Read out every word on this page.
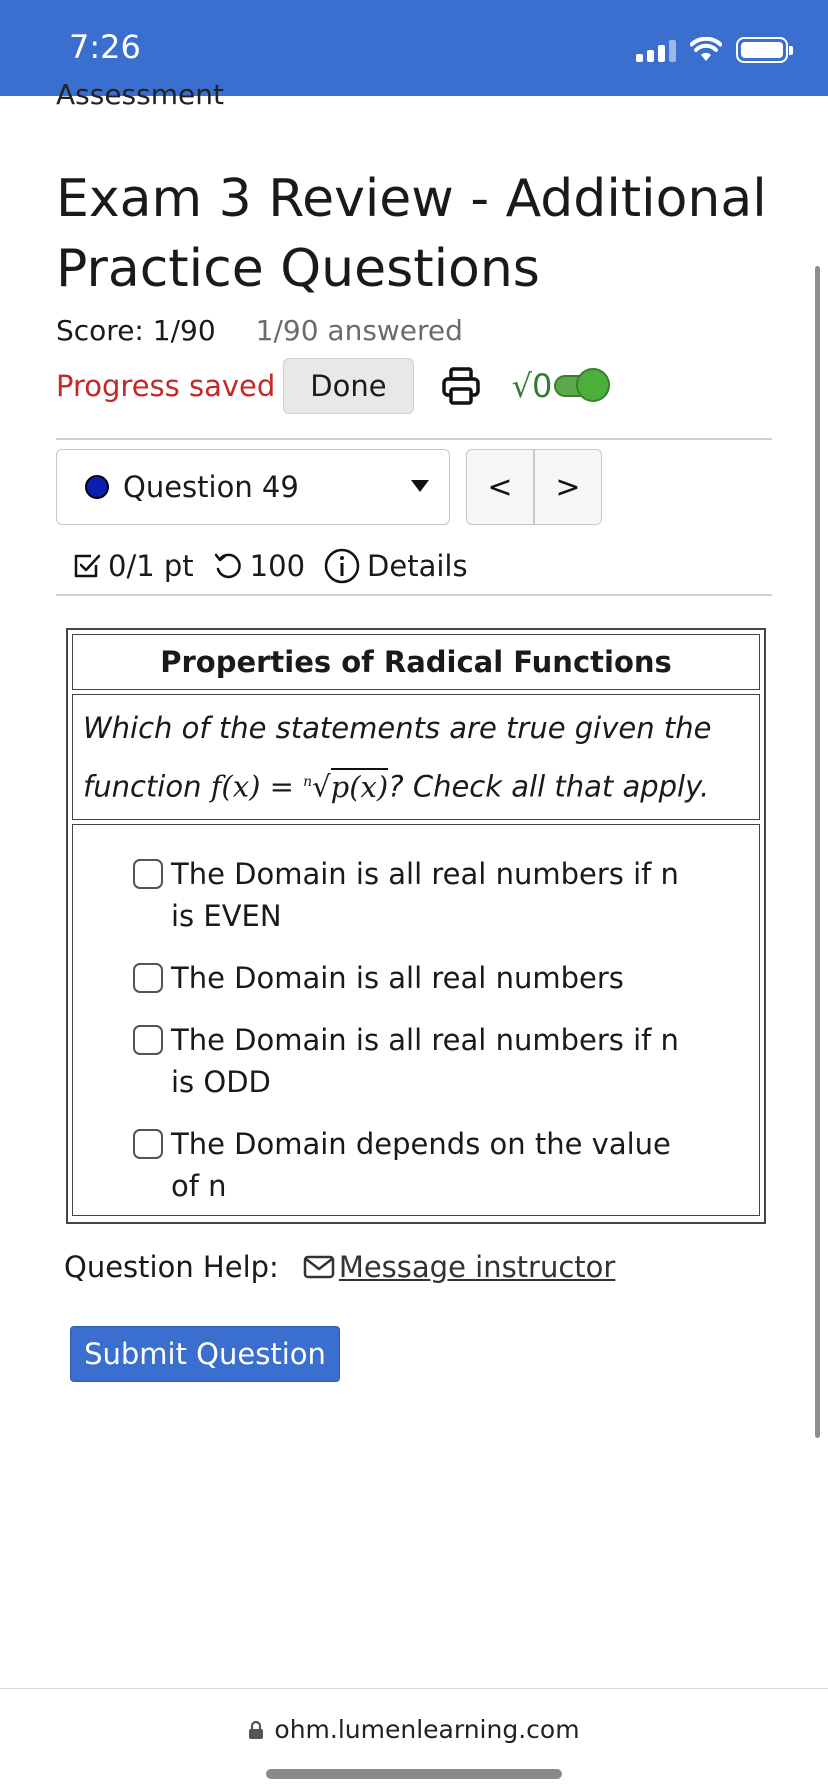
7:26
Assessment
Exam 3 Review - Additional Practice Questions
Score: 1/90 1/90 answered
Progress saved	Done	√0
Question 49	< >
0/1 pt 100 Details
Properties of Radical Functions
Which of the statements are true given the function f(x) = $^n$√p(x)? Check all that apply.
The Domain is all real numbers if n is EVEN
The Domain is all real numbers
The Domain is all real numbers if n is ODD
The Domain depends on the value of n
Question Help: Message instructor
Submit Question
ohm.lumenlearning.com
